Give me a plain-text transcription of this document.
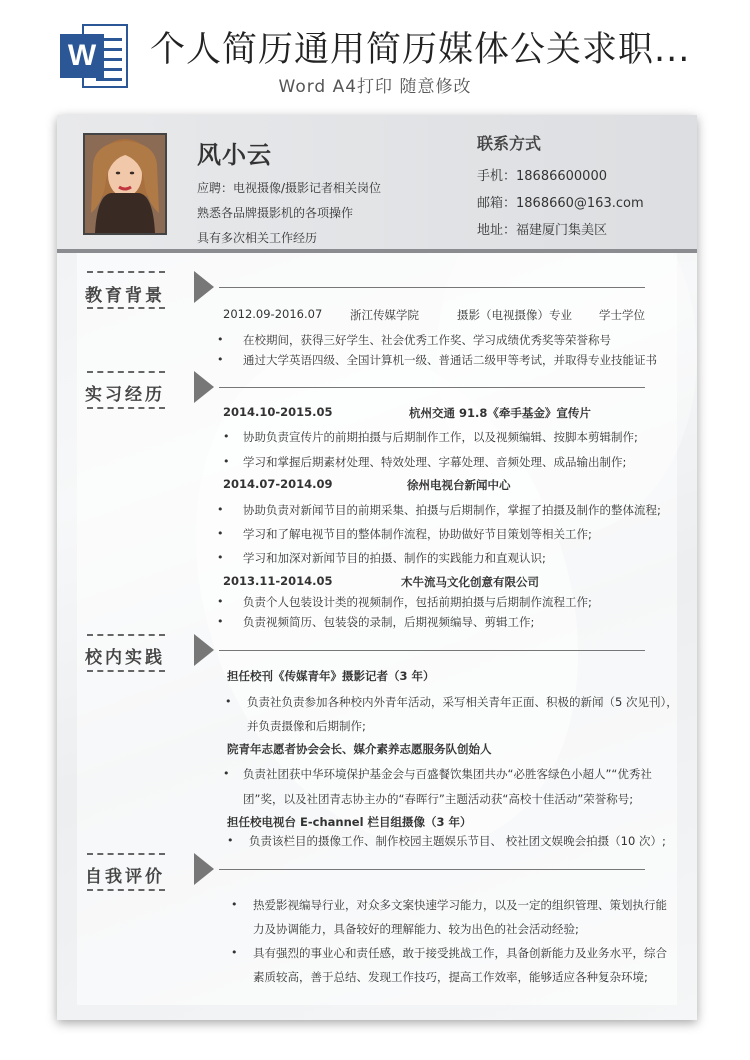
W 个人简历通用简历媒体公关求职...
Word A4打印 随意修改
风小云
应聘：电视摄像/摄影记者相关岗位
熟悉各品牌摄影机的各项操作
具有多次相关工作经历
联系方式
手机：18686600000
邮箱：1868660@163.com
地址：福建厦门集美区
教育背景
2012.09-2016.07 浙江传媒学院	摄影（电视摄像）专业 学士学位
• 在校期间，获得三好学生、社会优秀工作奖、学习成绩优秀奖等荣誉称号
• 通过大学英语四级、全国计算机一级、普通话二级甲等考试，并取得专业技能证书
实习经历
2014.10-2015.05	杭州交通 91.8《牵手基金》宣传片
• 协助负责宣传片的前期拍摄与后期制作工作，以及视频编辑、按脚本剪辑制作;
• 学习和掌握后期素材处理、特效处理、字幕处理、音频处理、成品输出制作;
2014.07-2014.09	徐州电视台新闻中心
• 协助负责对新闻节目的前期采集、拍摄与后期制作，掌握了拍摄及制作的整体流程;
• 学习和了解电视节目的整体制作流程，协助做好节目策划等相关工作;
• 学习和加深对新闻节目的拍摄、制作的实践能力和直观认识;
2013.11-2014.05	木牛流马文化创意有限公司
• 负责个人包装设计类的视频制作，包括前期拍摄与后期制作流程工作;
• 负责视频简历、包装袋的录制，后期视频编导、剪辑工作;
校内实践
担任校刊《传媒青年》摄影记者（3 年）
• 负责社负责参加各种校内外青年活动，采写相关青年正面、积极的新闻（5 次见刊），
并负责摄像和后期制作;
院青年志愿者协会会长、媒介素养志愿服务队创始人
• 负责社团获中华环境保护基金会与百盛餐饮集团共办“必胜客绿色小超人”“优秀社
团”奖，以及社团青志协主办的“春晖行”主题活动获“高校十佳活动”荣誉称号;
担任校电视台 E-channel 栏目组摄像（3 年）
• 负责该栏目的摄像工作、制作校园主题娱乐节目、 校社团文娱晚会拍摄（10 次）;
自我评价
• 热爱影视编导行业，对众多文案快速学习能力，以及一定的组织管理、策划执行能
力及协调能力，具备较好的理解能力、较为出色的社会活动经验;
• 具有强烈的事业心和责任感，敢于接受挑战工作，具备创新能力及业务水平，综合
素质较高，善于总结、发现工作技巧，提高工作效率，能够适应各种复杂环境;
